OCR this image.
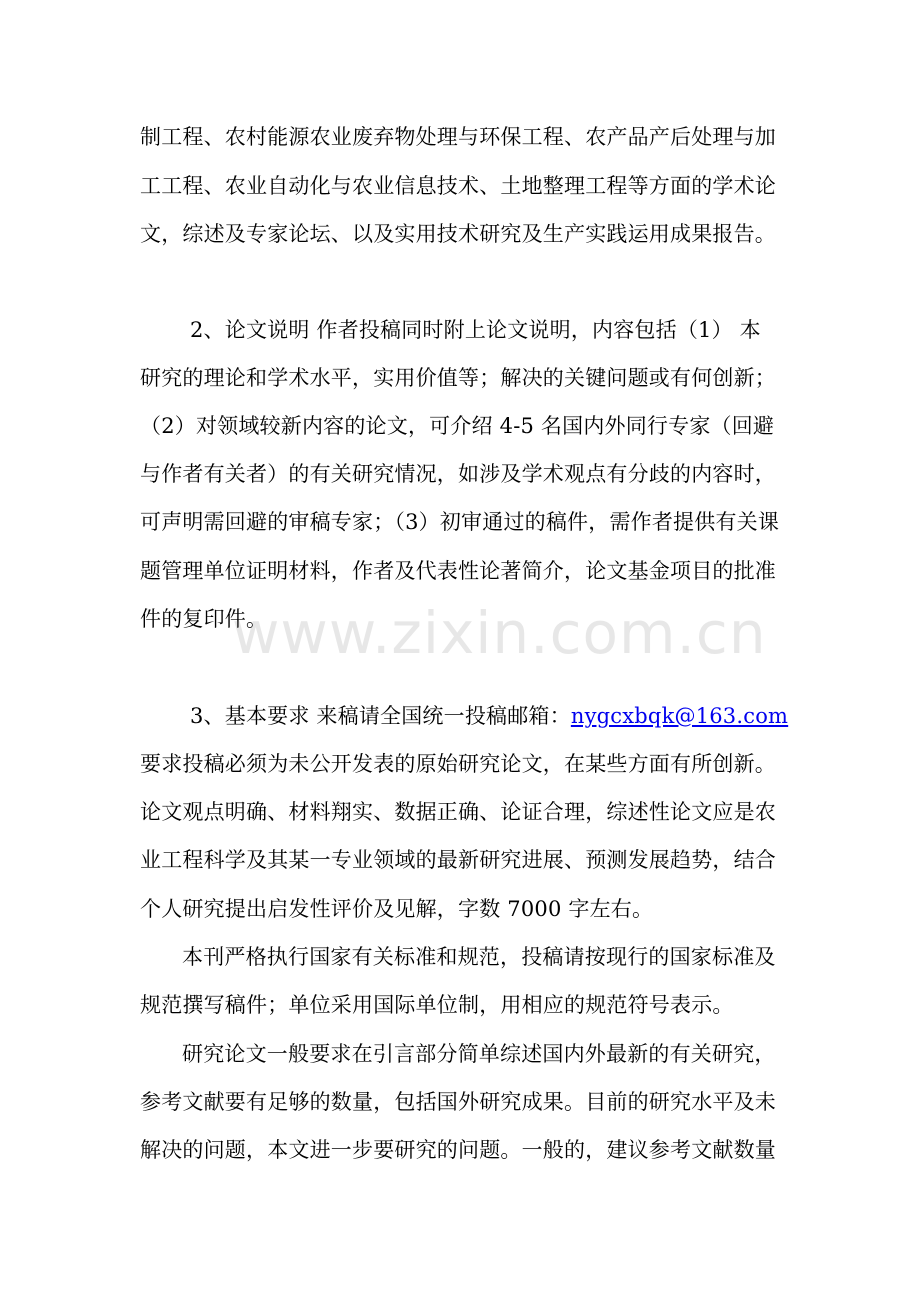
制工程、农村能源农业废弃物处理与环保工程、农产品产后处理与加
工工程、农业自动化与农业信息技术、土地整理工程等方面的学术论
文，综述及专家论坛、以及实用技术研究及生产实践运用成果报告。
2、论文说明 作者投稿同时附上论文说明，内容包括（1） 本
研究的理论和学术水平，实用价值等；解决的关键问题或有何创新；
（2）对领域较新内容的论文，可介绍 4-5 名国内外同行专家（回避
与作者有关者）的有关研究情况，如涉及学术观点有分歧的内容时，
可声明需回避的审稿专家；（3）初审通过的稿件，需作者提供有关课
题管理单位证明材料，作者及代表性论著简介，论文基金项目的批准
件的复印件。
www.zixin.com.cn
3、基本要求 来稿请全国统一投稿邮箱：nygcxbqk@163.com
要求投稿必须为未公开发表的原始研究论文，在某些方面有所创新。
论文观点明确、材料翔实、数据正确、论证合理，综述性论文应是农
业工程科学及其某一专业领域的最新研究进展、预测发展趋势，结合
个人研究提出启发性评价及见解，字数 7000 字左右。
本刊严格执行国家有关标准和规范，投稿请按现行的国家标准及
规范撰写稿件；单位采用国际单位制，用相应的规范符号表示。
研究论文一般要求在引言部分简单综述国内外最新的有关研究，
参考文献要有足够的数量，包括国外研究成果。目前的研究水平及未
解决的问题，本文进一步要研究的问题。一般的，建议参考文献数量
